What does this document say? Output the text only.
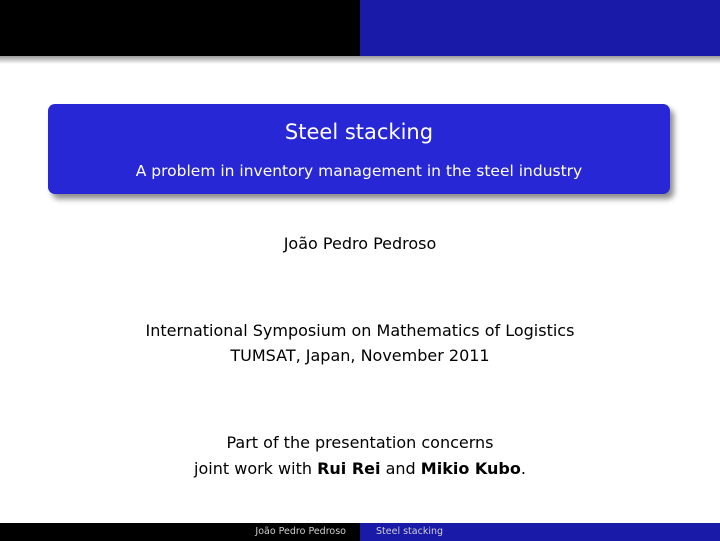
Steel stacking
A problem in inventory management in the steel industry
João Pedro Pedroso
International Symposium on Mathematics of Logistics
TUMSAT, Japan, November 2011
Part of the presentation concerns
joint work with Rui Rei and Mikio Kubo.
João Pedro Pedroso	Steel stacking
